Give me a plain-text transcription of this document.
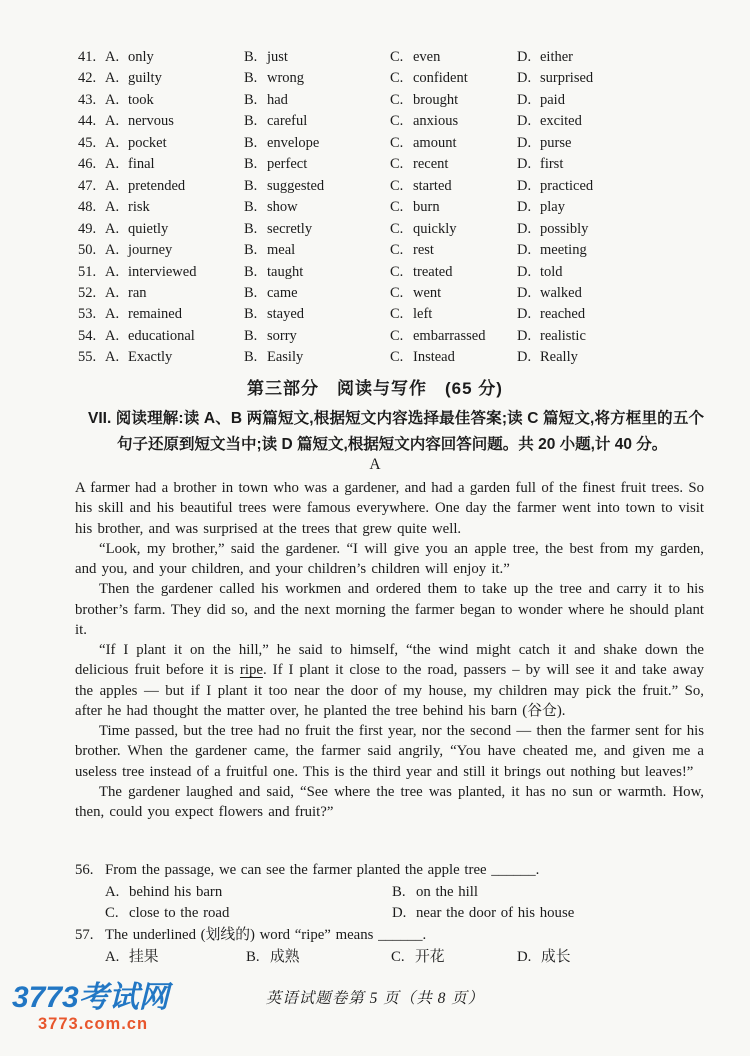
41. A. only	B. just	C. even	D. either
42. A. guilty	B. wrong	C. confident	D. surprised
43. A. took	B. had	C. brought	D. paid
44. A. nervous	B. careful	C. anxious	D. excited
45. A. pocket	B. envelope	C. amount	D. purse
46. A. final	B. perfect	C. recent	D. first
47. A. pretended	B. suggested	C. started	D. practiced
48. A. risk	B. show	C. burn	D. play
49. A. quietly	B. secretly	C. quickly	D. possibly
50. A. journey	B. meal	C. rest	D. meeting
51. A. interviewed	B. taught	C. treated	D. told
52. A. ran	B. came	C. went	D. walked
53. A. remained	B. stayed	C. left	D. reached
54. A. educational	B. sorry	C. embarrassed	D. realistic
55. A. Exactly	B. Easily	C. Instead	D. Really
第三部分　阅读与写作　(65 分)
VII. 阅读理解:读 A、B 两篇短文,根据短文内容选择最佳答案;读 C 篇短文,将方框里的五个句子还原到短文当中;读 D 篇短文,根据短文内容回答问题。共 20 小题,计 40 分。
A

A farmer had a brother in town who was a gardener, and had a garden full of the finest fruit trees. So his skill and his beautiful trees were famous everywhere. One day the farmer went into town to visit his brother, and was surprised at the trees that grew quite well.

“Look, my brother,” said the gardener. “I will give you an apple tree, the best from my garden, and you, and your children, and your children’s children will enjoy it.”

Then the gardener called his workmen and ordered them to take up the tree and carry it to his brother’s farm. They did so, and the next morning the farmer began to wonder where he should plant it.

“If I plant it on the hill,” he said to himself, “the wind might catch it and shake down the delicious fruit before it is ripe. If I plant it close to the road, passers – by will see it and take away the apples — but if I plant it too near the door of my house, my children may pick the fruit.” So, after he had thought the matter over, he planted the tree behind his barn (谷仓).

Time passed, but the tree had no fruit the first year, nor the second — then the farmer sent for his brother. When the gardener came, the farmer said angrily, “You have cheated me, and given me a useless tree instead of a fruitful one. This is the third year and still it brings out nothing but leaves!”

The gardener laughed and said, “See where the tree was planted, it has no sun or warmth. How, then, could you expect flowers and fruit?”

56. From the passage, we can see the farmer planted the apple tree ______.
A. behind his barn	B. on the hill
C. close to the road	D. near the door of his house
57. The underlined (划线的) word “ripe” means ______.
A. 挂果	B. 成熟	C. 开花	D. 成长
英语试题卷第 5 页（共 8 页）
3773考试网
3773.com.cn
